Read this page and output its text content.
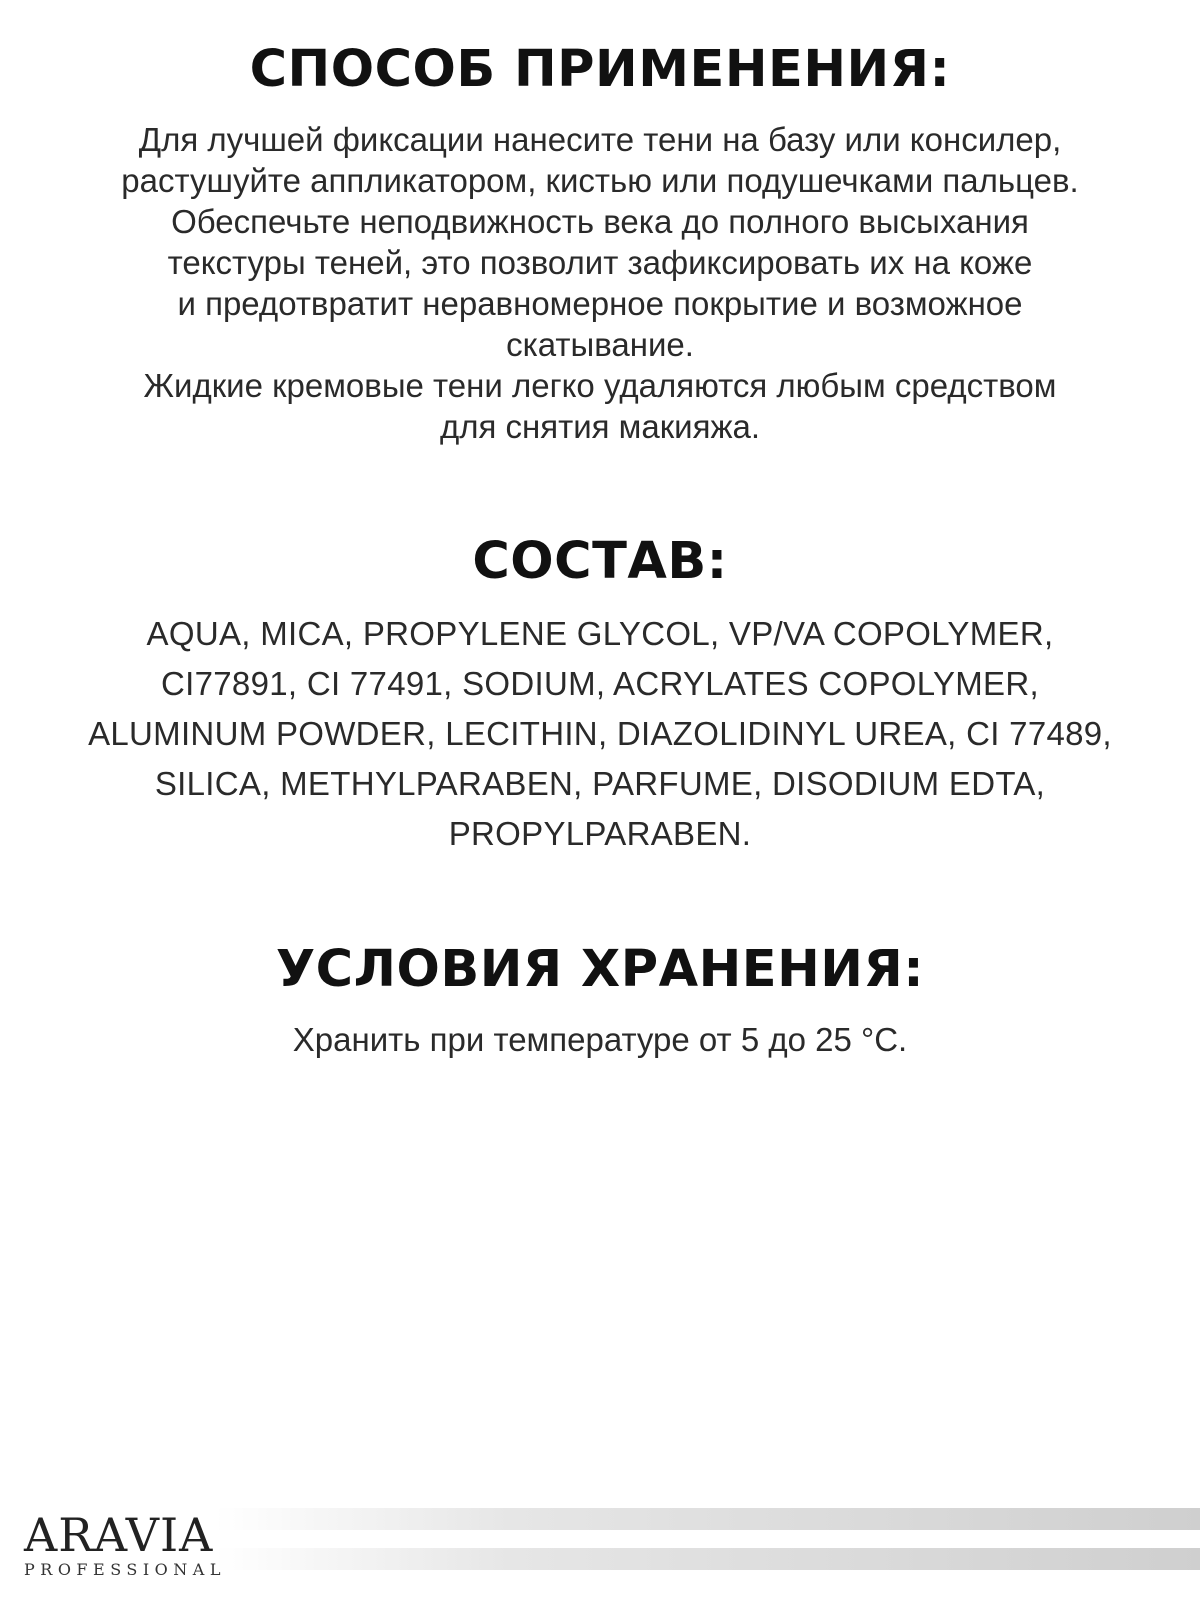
СПОСОБ ПРИМЕНЕНИЯ:

Для лучшей фиксации нанесите тени на базу или консилер,
растушуйте аппликатором, кистью или подушечками пальцев.
Обеспечьте неподвижность века до полного высыхания
текстуры теней, это позволит зафиксировать их на коже
и предотвратит неравномерное покрытие и возможное
скатывание.
Жидкие кремовые тени легко удаляются любым средством
для снятия макияжа.

СОСТАВ:

AQUA, MICA, PROPYLENE GLYCOL, VP/VA COPOLYMER,
CI77891, CI 77491, SODIUM, ACRYLATES COPOLYMER,
ALUMINUM POWDER, LECITHIN, DIAZOLIDINYL UREA, CI 77489,
SILICA, METHYLPARABEN, PARFUME, DISODIUM EDTA,
PROPYLPARABEN.

УСЛОВИЯ ХРАНЕНИЯ:

Хранить при температуре от 5 до 25 °С.

ARAVIA

PROFESSIONAL
